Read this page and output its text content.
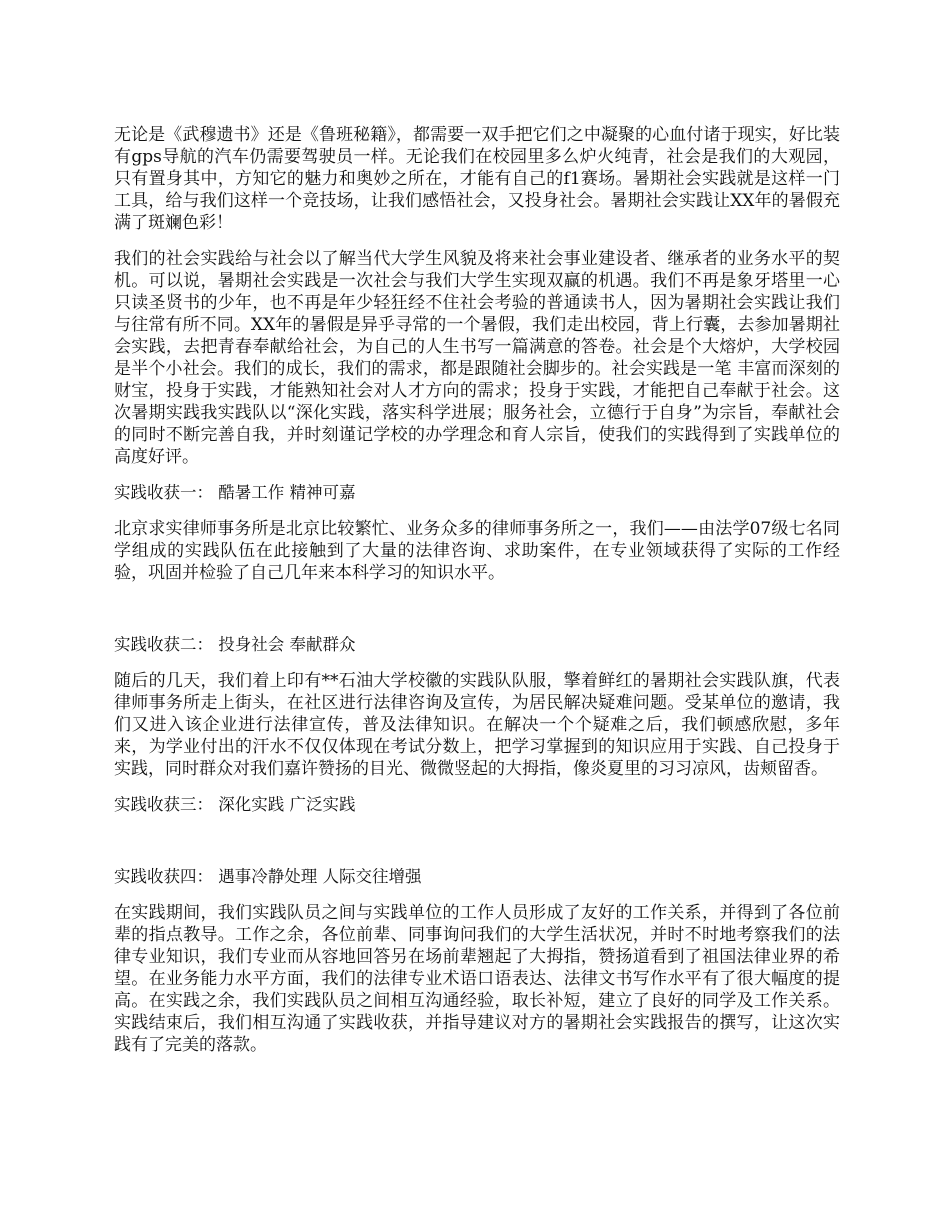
无论是《武穆遗书》还是《鲁班秘籍》，都需要一双手把它们之中凝聚的心血付诸于现实，好比装有gps导航的汽车仍需要驾驶员一样。无论我们在校园里多么炉火纯青，社会是我们的大观园，只有置身其中，方知它的魅力和奥妙之所在，才能有自己的f1赛场。暑期社会实践就是这样一门工具，给与我们这样一个竞技场，让我们感悟社会，又投身社会。暑期社会实践让XX年的暑假充满了斑斓色彩！

我们的社会实践给与社会以了解当代大学生风貌及将来社会事业建设者、继承者的业务水平的契机。可以说，暑期社会实践是一次社会与我们大学生实现双赢的机遇。我们不再是象牙塔里一心只读圣贤书的少年，也不再是年少轻狂经不住社会考验的普通读书人，因为暑期社会实践让我们与往常有所不同。XX年的暑假是异乎寻常的一个暑假，我们走出校园，背上行囊，去参加暑期社会实践，去把青春奉献给社会，为自己的人生书写一篇满意的答卷。社会是个大熔炉，大学校园是半个小社会。我们的成长，我们的需求，都是跟随社会脚步的。社会实践是一笔 丰富而深刻的财宝，投身于实践，才能熟知社会对人才方向的需求；投身于实践，才能把自己奉献于社会。这次暑期实践我实践队以“深化实践，落实科学进展；服务社会，立德行于自身”为宗旨，奉献社会的同时不断完善自我，并时刻谨记学校的办学理念和育人宗旨，使我们的实践得到了实践单位的高度好评。

实践收获一： 酷暑工作 精神可嘉

北京求实律师事务所是北京比较繁忙、业务众多的律师事务所之一，我们——由法学07级七名同学组成的实践队伍在此接触到了大量的法律咨询、求助案件，在专业领域获得了实际的工作经验，巩固并检验了自己几年来本科学习的知识水平。

实践收获二： 投身社会 奉献群众

随后的几天，我们着上印有**石油大学校徽的实践队队服，擎着鲜红的暑期社会实践队旗，代表律师事务所走上街头，在社区进行法律咨询及宣传，为居民解决疑难问题。受某单位的邀请，我们又进入该企业进行法律宣传，普及法律知识。在解决一个个疑难之后，我们顿感欣慰，多年来，为学业付出的汗水不仅仅体现在考试分数上，把学习掌握到的知识应用于实践、自己投身于实践，同时群众对我们嘉许赞扬的目光、微微竖起的大拇指，像炎夏里的习习凉风，齿颊留香。

实践收获三： 深化实践 广泛实践

实践收获四： 遇事冷静处理 人际交往增强

在实践期间，我们实践队员之间与实践单位的工作人员形成了友好的工作关系，并得到了各位前辈的指点教导。工作之余，各位前辈、同事询问我们的大学生活状况，并时不时地考察我们的法律专业知识，我们专业而从容地回答另在场前辈翘起了大拇指，赞扬道看到了祖国法律业界的希望。在业务能力水平方面，我们的法律专业术语口语表达、法律文书写作水平有了很大幅度的提高。在实践之余，我们实践队员之间相互沟通经验，取长补短，建立了良好的同学及工作关系。实践结束后，我们相互沟通了实践收获，并指导建议对方的暑期社会实践报告的撰写，让这次实践有了完美的落款。
